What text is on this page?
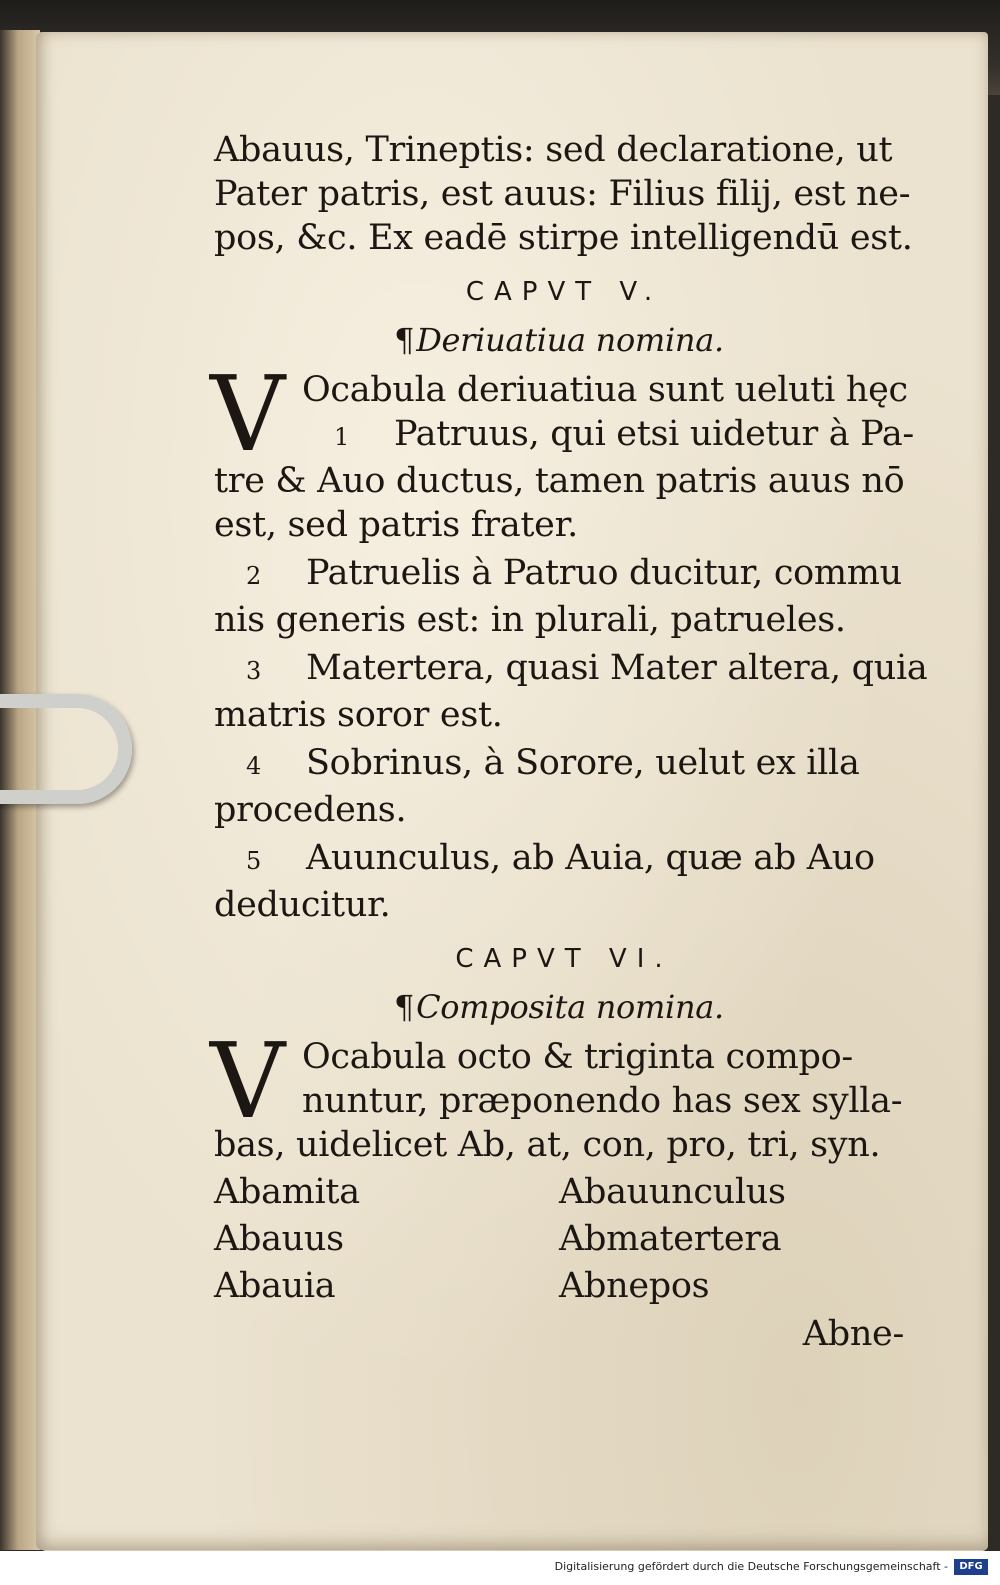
Abauus, Trineptis: sed declaratione, ut
Pater patris, est auus: Filius filij, est ne-
pos, &c. Ex eadē stirpe intelligendū est.
CAPVT V.
¶Deriuatiua nomina.
V Ocabula deriuatiua sunt ueluti hęc
1 Patruus, qui etsi uidetur à Pa-
tre & Auo ductus, tamen patris auus nō
est, sed patris frater.
2 Patruelis à Patruo ducitur, commu
nis generis est: in plurali, patrueles.
3 Matertera, quasi Mater altera, quia
matris soror est.
4 Sobrinus, à Sorore, uelut ex illa
procedens.
5 Auunculus, ab Auia, quæ ab Auo
deducitur.
CAPVT VI.
¶Composita nomina.
V Ocabula octo & triginta compo-
nuntur, præponendo has sex sylla-
bas, uidelicet Ab, at, con, pro, tri, syn.
Abamita
Abauus
Abauia
Abauunculus
Abmatertera
Abnepos
Abne-
Digitalisierung gefördert durch die Deutsche Forschungsgemeinschaft -	DFG
